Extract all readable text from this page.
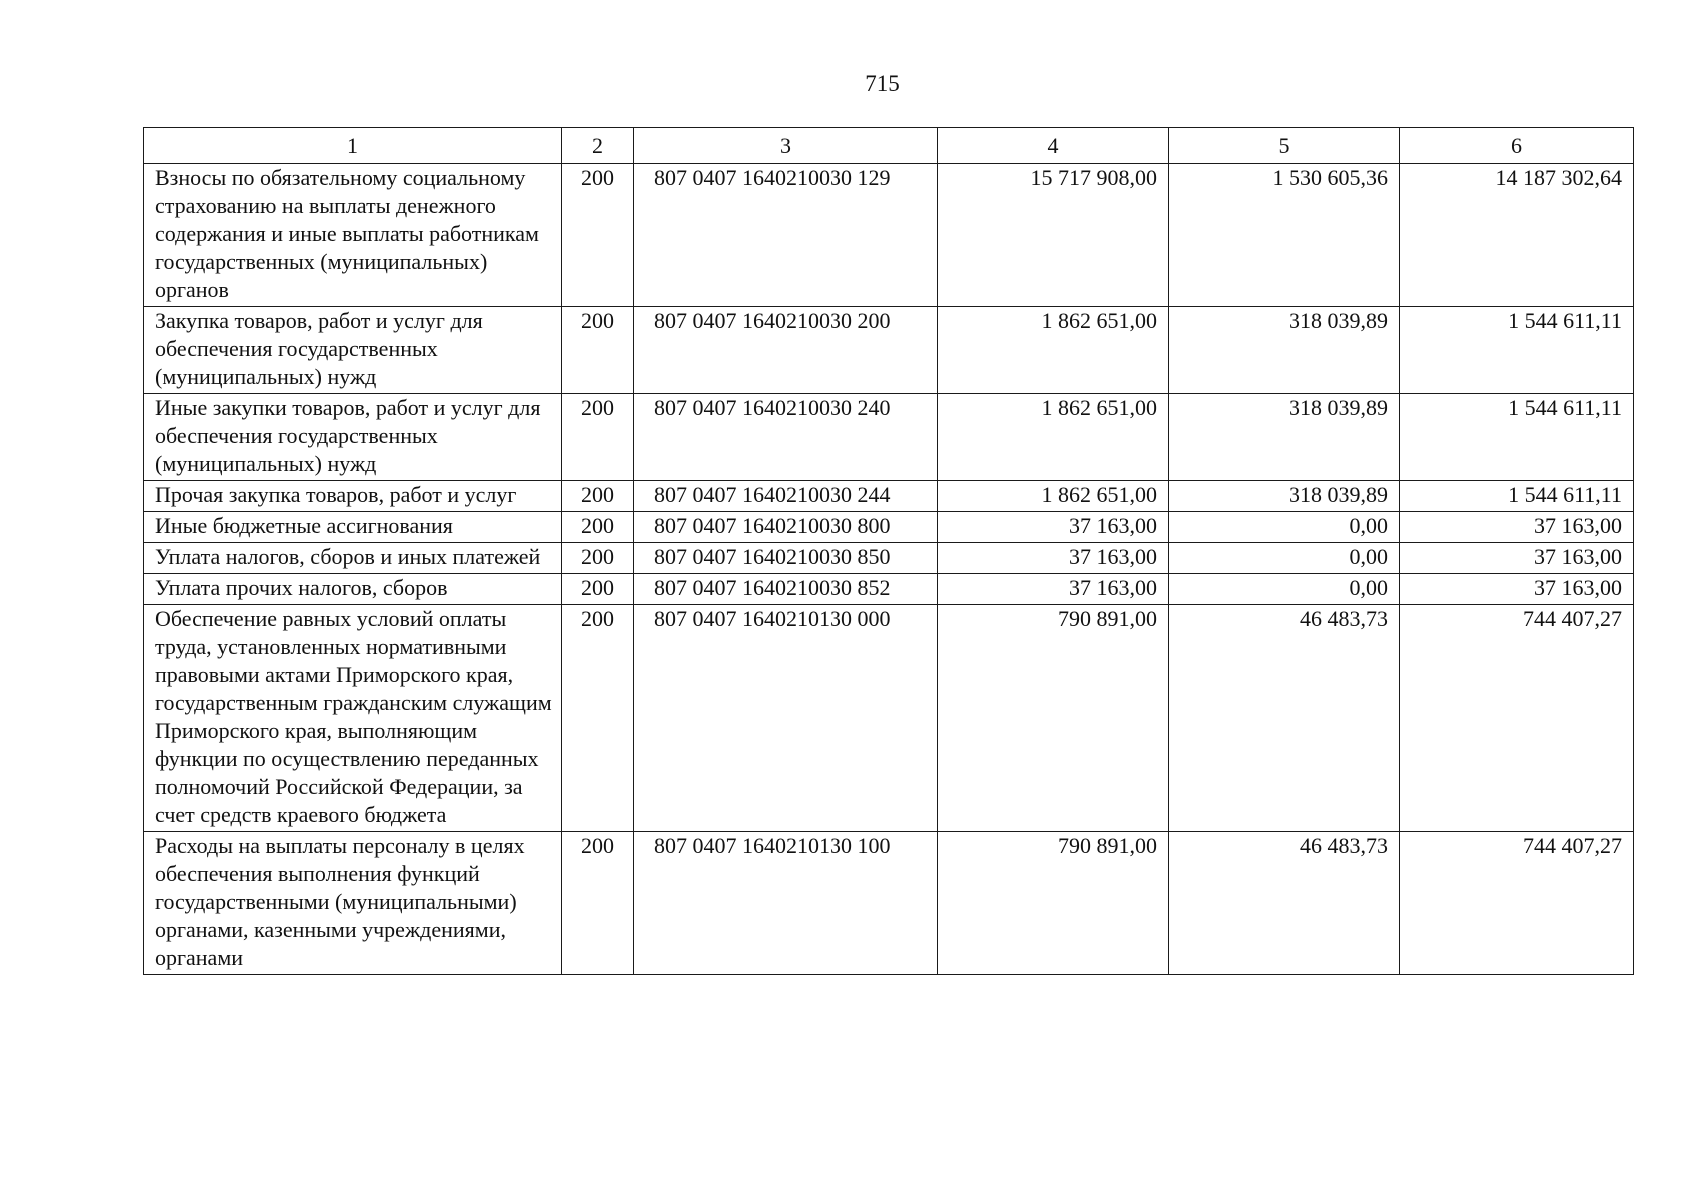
715
1	2	3	4	5	6
Взносы по обязательному социальному страхованию на выплаты денежного содержания и иные выплаты работникам государственных (муниципальных) органов	200	807 0407 1640210030 129	15 717 908,00	1 530 605,36	14 187 302,64
Закупка товаров, работ и услуг для обеспечения государственных (муниципальных) нужд	200	807 0407 1640210030 200	1 862 651,00	318 039,89	1 544 611,11
Иные закупки товаров, работ и услуг для обеспечения государственных (муниципальных) нужд	200	807 0407 1640210030 240	1 862 651,00	318 039,89	1 544 611,11
Прочая закупка товаров, работ и услуг	200	807 0407 1640210030 244	1 862 651,00	318 039,89	1 544 611,11
Иные бюджетные ассигнования	200	807 0407 1640210030 800	37 163,00	0,00	37 163,00
Уплата налогов, сборов и иных платежей	200	807 0407 1640210030 850	37 163,00	0,00	37 163,00
Уплата прочих налогов, сборов	200	807 0407 1640210030 852	37 163,00	0,00	37 163,00
Обеспечение равных условий оплаты труда, установленных нормативными правовыми актами Приморского края, государственным гражданским служащим Приморского края, выполняющим функции по осуществлению переданных полномочий Российской Федерации, за счет средств краевого бюджета	200	807 0407 1640210130 000	790 891,00	46 483,73	744 407,27
Расходы на выплаты персоналу в целях обеспечения выполнения функций государственными (муниципальными) органами, казенными учреждениями, органами	200	807 0407 1640210130 100	790 891,00	46 483,73	744 407,27
